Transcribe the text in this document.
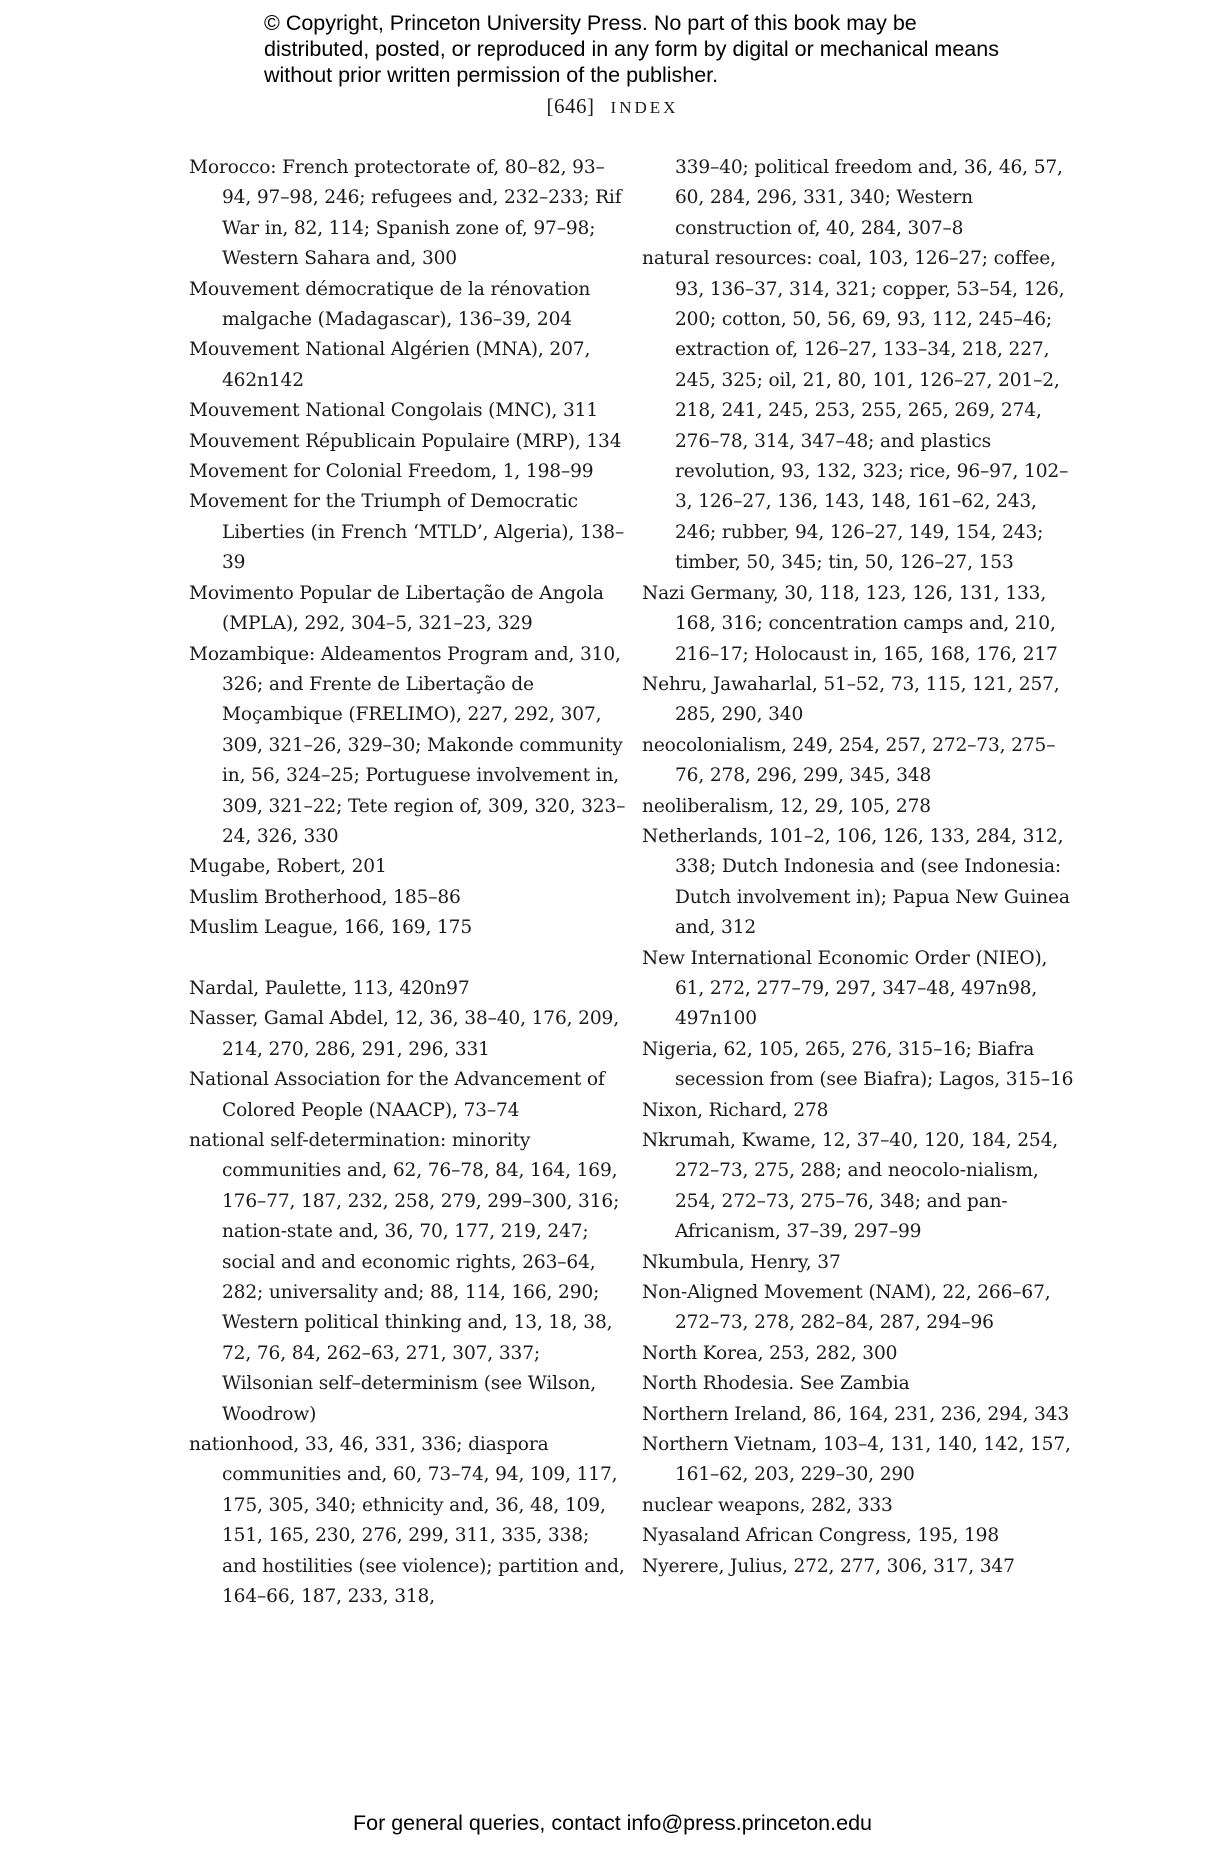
© Copyright, Princeton University Press. No part of this book may be distributed, posted, or reproduced in any form by digital or mechanical means without prior written permission of the publisher.
[646] INDEX

Morocco: French protectorate of, 80–82, 93–94, 97–98, 246; refugees and, 232–233; Rif War in, 82, 114; Spanish zone of, 97–98; Western Sahara and, 300

Mouvement démocratique de la rénovation malgache (Madagascar), 136–39, 204

Mouvement National Algérien (MNA), 207, 462n142

Mouvement National Congolais (MNC), 311

Mouvement Républicain Populaire (MRP), 134

Movement for Colonial Freedom, 1, 198–99

Movement for the Triumph of Democratic Liberties (in French ‘MTLD’, Algeria), 138–39

Movimento Popular de Libertação de Angola (MPLA), 292, 304–5, 321–23, 329

Mozambique: Aldeamentos Program and, 310, 326; and Frente de Libertação de Moçambique (FRELIMO), 227, 292, 307, 309, 321–26, 329–30; Makonde community in, 56, 324–25; Portuguese involvement in, 309, 321–22; Tete region of, 309, 320, 323–24, 326, 330

Mugabe, Robert, 201

Muslim Brotherhood, 185–86

Muslim League, 166, 169, 175

Nardal, Paulette, 113, 420n97

Nasser, Gamal Abdel, 12, 36, 38–40, 176, 209, 214, 270, 286, 291, 296, 331

National Association for the Advancement of Colored People (NAACP), 73–74

national self-determination: minority communities and, 62, 76–78, 84, 164, 169, 176–77, 187, 232, 258, 279, 299–300, 316; nation-state and, 36, 70, 177, 219, 247; social and and economic rights, 263–64, 282; universality and; 88, 114, 166, 290; Western political thinking and, 13, 18, 38, 72, 76, 84, 262–63, 271, 307, 337; Wilsonian self–determinism (see Wilson, Woodrow)

nationhood, 33, 46, 331, 336; diaspora communities and, 60, 73–74, 94, 109, 117, 175, 305, 340; ethnicity and, 36, 48, 109, 151, 165, 230, 276, 299, 311, 335, 338; and hostilities (see violence); partition and, 164–66, 187, 233, 318,

339–40; political freedom and, 36, 46, 57, 60, 284, 296, 331, 340; Western construction of, 40, 284, 307–8

natural resources: coal, 103, 126–27; coffee, 93, 136–37, 314, 321; copper, 53–54, 126, 200; cotton, 50, 56, 69, 93, 112, 245–46; extraction of, 126–27, 133–34, 218, 227, 245, 325; oil, 21, 80, 101, 126–27, 201–2, 218, 241, 245, 253, 255, 265, 269, 274, 276–78, 314, 347–48; and plastics revolution, 93, 132, 323; rice, 96–97, 102–3, 126–27, 136, 143, 148, 161–62, 243, 246; rubber, 94, 126–27, 149, 154, 243; timber, 50, 345; tin, 50, 126–27, 153

Nazi Germany, 30, 118, 123, 126, 131, 133, 168, 316; concentration camps and, 210, 216–17; Holocaust in, 165, 168, 176, 217

Nehru, Jawaharlal, 51–52, 73, 115, 121, 257, 285, 290, 340

neocolonialism, 249, 254, 257, 272–73, 275–76, 278, 296, 299, 345, 348

neoliberalism, 12, 29, 105, 278

Netherlands, 101–2, 106, 126, 133, 284, 312, 338; Dutch Indonesia and (see Indonesia: Dutch involvement in); Papua New Guinea and, 312

New International Economic Order (NIEO), 61, 272, 277–79, 297, 347–48, 497n98, 497n100

Nigeria, 62, 105, 265, 276, 315–16; Biafra secession from (see Biafra); Lagos, 315–16

Nixon, Richard, 278

Nkrumah, Kwame, 12, 37–40, 120, 184, 254, 272–73, 275, 288; and neocolo-nialism, 254, 272–73, 275–76, 348; and pan-Africanism, 37–39, 297–99

Nkumbula, Henry, 37

Non-Aligned Movement (NAM), 22, 266–67, 272–73, 278, 282–84, 287, 294–96

North Korea, 253, 282, 300

North Rhodesia. See Zambia

Northern Ireland, 86, 164, 231, 236, 294, 343

Northern Vietnam, 103–4, 131, 140, 142, 157, 161–62, 203, 229–30, 290

nuclear weapons, 282, 333

Nyasaland African Congress, 195, 198

Nyerere, Julius, 272, 277, 306, 317, 347

For general queries, contact info@press.princeton.edu
